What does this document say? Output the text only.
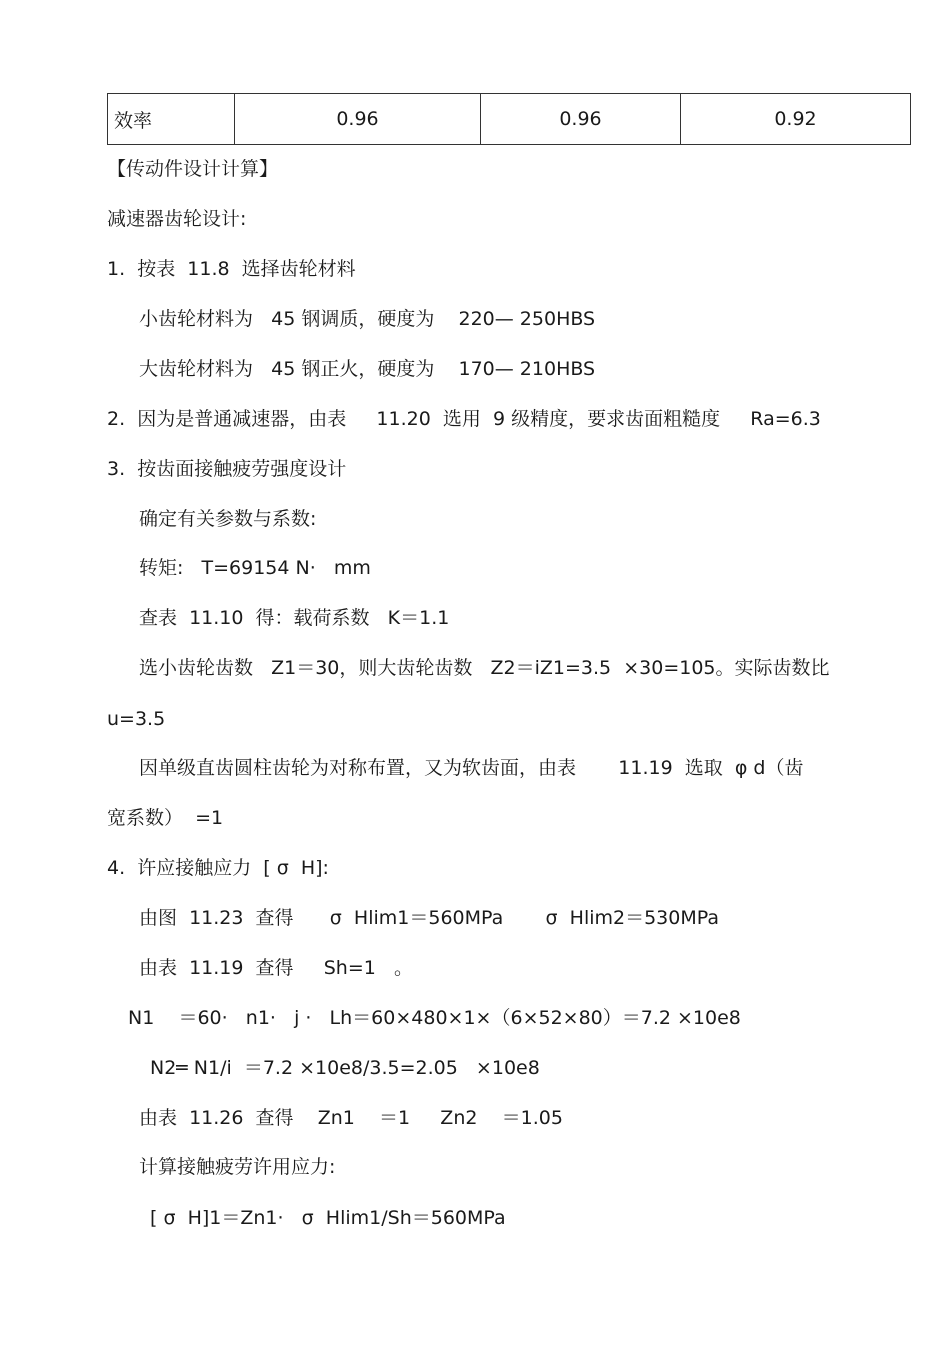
效率	0.96	0.96	0.92

【传动件设计计算】

减速器齿轮设计:

1.  按表  11.8  选择齿轮材料

小齿轮材料为   45 钢调质，硬度为    220— 250HBS

大齿轮材料为   45 钢正火，硬度为    170— 210HBS

2.  因为是普通减速器，由表     11.20  选用  9 级精度，要求齿面粗糙度     Ra=6.3

3.  按齿面接触疲劳强度设计

确定有关参数与系数:

转矩:   T=69154 N·   mm

查表  11.10  得：载荷系数   K＝1.1

选小齿轮齿数   Z1＝30，则大齿轮齿数   Z2＝iZ1=3.5  ×30=105。实际齿数比

u=3.5

因单级直齿圆柱齿轮为对称布置，又为软齿面，由表       11.19  选取  φ d（齿

宽系数）  =1

4.  许应接触应力  [ σ  H]:

由图  11.23  查得      σ  Hlim1＝560MPa       σ  Hlim2＝530MPa

由表  11.19  查得     Sh=1   。

N1    ＝60·   n1·   j ·   Lh＝60×480×1×（6×52×80）＝7.2 ×10e8

N2═ N1/i  ＝7.2 ×10e8/3.5=2.05   ×10e8

由表  11.26  查得    Zn1    ＝1     Zn2    ＝1.05

计算接触疲劳许用应力:

[ σ  H]1＝Zn1·   σ  Hlim1/Sh＝560MPa
